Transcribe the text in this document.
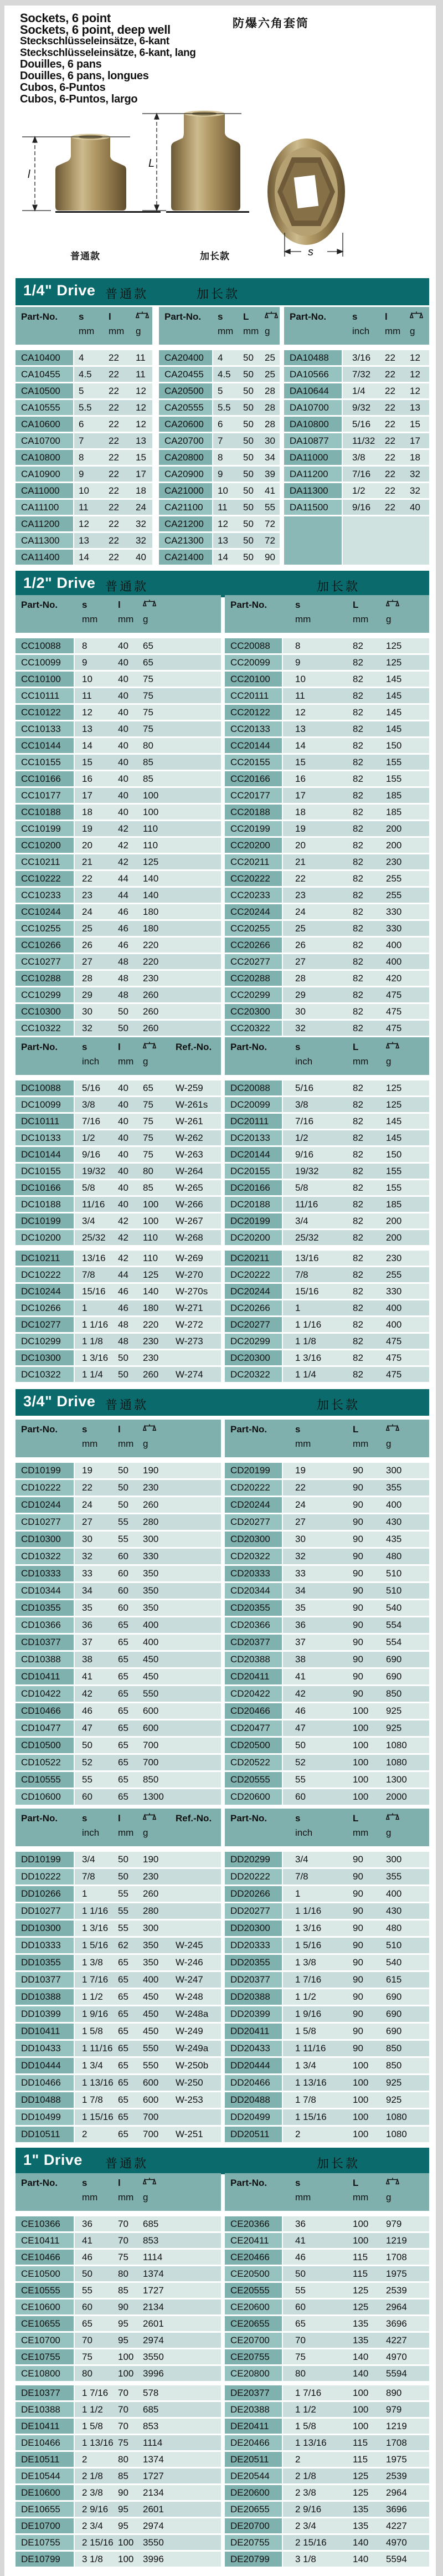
Sockets, 6 point
Sockets, 6 point, deep well
Steckschlüsseleinsätze, 6-kant
Steckschlüsseleinsätze, 6-kant, lang
Douilles, 6 pans
Douilles, 6 pans, longues
Cubos, 6-Puntos
Cubos, 6-Puntos, largo
防爆六角套筒
l
L
s
普通款	加长款
1/4" Drive 普通款	加长款
1/2" Drive 普通款	加长款
3/4" Drive 普通款	加长款
1" Drive 普通款	加长款
Part-No.	s	l
mm	mm	g
CA10400	4	22	11
CA10455	4.5	22	11
CA10500	5	22	12
CA10555	5.5	22	12
CA10600	6	22	12
CA10700	7	22	13
CA10800	8	22	15
CA10900	9	22	17
CA11000	10	22	18
CA11100	11	22	24
CA11200	12	22	32
CA11300	13	22	32
CA11400	14	22	40
Part-No.	s	L
mm	mm g
CA20400	4	50	25
CA20455	4.5	50	25
CA20500	5	50	28
CA20555	5.5	50	28
CA20600	6	50	28
CA20700	7	50	30
CA20800	8	50	34
CA20900	9	50	39
CA21000	10	50	41
CA21100	11	50	55
CA21200	12	50	72
CA21300	13	50	72
CA21400	14	50	90
Part-No.	s	l
inch	mm g
DA10488	3/16	22	12
DA10566	7/32	22	12
DA10644	1/4	22	12
DA10700	9/32	22	13
DA10800	5/16	22	15
DA10877	11/32	22	17
DA11000	3/8	22	18
DA11200	7/16	22	32
DA11300	1/2	22	32
DA11500	9/16	22	40
Part-No.	s	l
mm	mm g
CC10088	8	40	65
CC10099	9	40	65
CC10100	10	40	75
CC10111	11	40	75
CC10122	12	40	75
CC10133	13	40	75
CC10144	14	40	80
CC10155	15	40	85
CC10166	16	40	85
CC10177	17	40	100
CC10188	18	40	100
CC10199	19	42	110
CC10200	20	42	110
CC10211	21	42	125
CC10222	22	44	140
CC10233	23	44	140
CC10244	24	46	180
CC10255	25	46	180
CC10266	26	46	220
CC10277	27	48	220
CC10288	28	48	230
CC10299	29	48	260
CC10300	30	50	260
CC10322	32	50	260
Part-No.	s	L
mm	mm	g
CC20088	8	82	125
CC20099	9	82	125
CC20100	10	82	145
CC20111	11	82	145
CC20122	12	82	145
CC20133	13	82	145
CC20144	14	82	150
CC20155	15	82	155
CC20166	16	82	155
CC20177	17	82	185
CC20188	18	82	185
CC20199	19	82	200
CC20200	20	82	200
CC20211	21	82	230
CC20222	22	82	255
CC20233	23	82	255
CC20244	24	82	330
CC20255	25	82	330
CC20266	26	82	400
CC20277	27	82	400
CC20288	28	82	420
CC20299	29	82	475
CC20300	30	82	475
CC20322	32	82	475
Part-No.	s	l	Ref.-No.
inch	mm g
DC10088	5/16	40	65	W-259
DC10099	3/8	40	75	W-261s
DC10111	7/16	40	75	W-261
DC10133	1/2	40	75	W-262
DC10144	9/16	40	75	W-263
DC10155	19/32	40	80	W-264
DC10166	5/8	40	85	W-265
DC10188	11/16	40	100	W-266
DC10199	3/4	42	100	W-267
DC10200	25/32	42	110	W-268
DC10211	13/16	42	110	W-269
DC10222	7/8	44	125	W-270
DC10244	15/16	46	140	W-270s
DC10266	1	46	180	W-271
DC10277	1 1/16	48	220	W-272
DC10299	1 1/8	48	230	W-273
DC10300	1 3/16	50	230
DC10322	1 1/4	50	260	W-274
Part-No.	s	L
inch	mm	g
DC20088	5/16	82	125
DC20099	3/8	82	125
DC20111	7/16	82	145
DC20133	1/2	82	145
DC20144	9/16	82	150
DC20155	19/32	82	155
DC20166	5/8	82	155
DC20188	11/16	82	185
DC20199	3/4	82	200
DC20200	25/32	82	200
DC20211	13/16	82	230
DC20222	7/8	82	255
DC20244	15/16	82	330
DC20266	1	82	400
DC20277	1 1/16	82	400
DC20299	1 1/8	82	475
DC20300	1 3/16	82	475
DC20322	1 1/4	82	475
Part-No.	s	l
mm	mm g
CD10199	19	50	190
CD10222	22	50	230
CD10244	24	50	260
CD10277	27	55	280
CD10300	30	55	300
CD10322	32	60	330
CD10333	33	60	350
CD10344	34	60	350
CD10355	35	60	350
CD10366	36	65	400
CD10377	37	65	400
CD10388	38	65	450
CD10411	41	65	450
CD10422	42	65	550
CD10466	46	65	600
CD10477	47	65	600
CD10500	50	65	700
CD10522	52	65	700
CD10555	55	65	850
CD10600	60	65	1300
Part-No.	s	L
mm	mm	g
CD20199	19	90	300
CD20222	22	90	355
CD20244	24	90	400
CD20277	27	90	430
CD20300	30	90	435
CD20322	32	90	480
CD20333	33	90	510
CD20344	34	90	510
CD20355	35	90	540
CD20366	36	90	554
CD20377	37	90	554
CD20388	38	90	690
CD20411	41	90	690
CD20422	42	90	850
CD20466	46	100	925
CD20477	47	100	925
CD20500	50	100	1080
CD20522	52	100	1080
CD20555	55	100	1300
CD20600	60	100	2000
Part-No.	s	l	Ref.-No.
inch	mm g
DD10199	3/4	50	190
DD10222	7/8	50	230
DD10266	1	55	260
DD10277	1 1/16	55	280
DD10300	1 3/16	55	300
DD10333	1 5/16	62	350	W-245
DD10355	1 3/8	65	350	W-246
DD10377	1 7/16	65	400	W-247
DD10388	1 1/2	65	450	W-248
DD10399	1 9/16	65	450	W-248a
DD10411	1 5/8	65	450	W-249
DD10433	1 11/16 65	550	W-249a
DD10444	1 3/4	65	550	W-250b
DD10466	1 13/16 65	600	W-250
DD10488	1 7/8	65	600	W-253
DD10499	1 15/16 65	700
DD10511	2	65	700	W-251
Part-No.	s	L
inch	mm	g
DD20299	3/4	90	300
DD20222	7/8	90	355
DD20266	1	90	400
DD20277	1 1/16	90	430
DD20300	1 3/16	90	480
DD20333	1 5/16	90	510
DD20355	1 3/8	90	540
DD20377	1 7/16	90	615
DD20388	1 1/2	90	690
DD20399	1 9/16	90	690
DD20411	1 5/8	90	690
DD20433	1 11/16	90	850
DD20444	1 3/4	100	850
DD20466	1 13/16	100	925
DD20488	1 7/8	100	925
DD20499	1 15/16	100	1080
DD20511	2	100	1080
Part-No.	s	l
mm	mm g
CE10366	36	70	685
CE10411	41	70	853
CE10466	46	75	1114
CE10500	50	80	1374
CE10555	55	85	1727
CE10600	60	90	2134
CE10655	65	95	2601
CE10700	70	95	2974
CE10755	75	100 3550
CE10800	80	100 3996
DE10377	1 7/16	70	578
DE10388	1 1/2	70	685
DE10411	1 5/8	70	853
DE10466	1 13/16 75	1114
DE10511	2	80	1374
DE10544	2 1/8	85	1727
DE10600	2 3/8	90	2134
DE10655	2 9/16	95	2601
DE10700	2 3/4	95	2974
DE10755	2 15/16 100 3550
DE10799	3 1/8	100 3996
Part-No.	s	L
mm	mm	g
CE20366	36	100	979
CE20411	41	100	1219
CE20466	46	115	1708
CE20500	50	115	1975
CE20555	55	125	2539
CE20600	60	125	2964
CE20655	65	135	3696
CE20700	70	135	4227
CE20755	75	140	4970
CE20800	80	140	5594
DE20377	1 7/16	100	890
DE20388	1 1/2	100	979
DE20411	1 5/8	100	1219
DE20466	1 13/16	115	1708
DE20511	2	115	1975
DE20544	2 1/8	125	2539
DE20600	2 3/8	125	2964
DE20655	2 9/16	135	3696
DE20700	2 3/4	135	4227
DE20755	2 15/16	140	4970
DE20799	3 1/8	140	5594
